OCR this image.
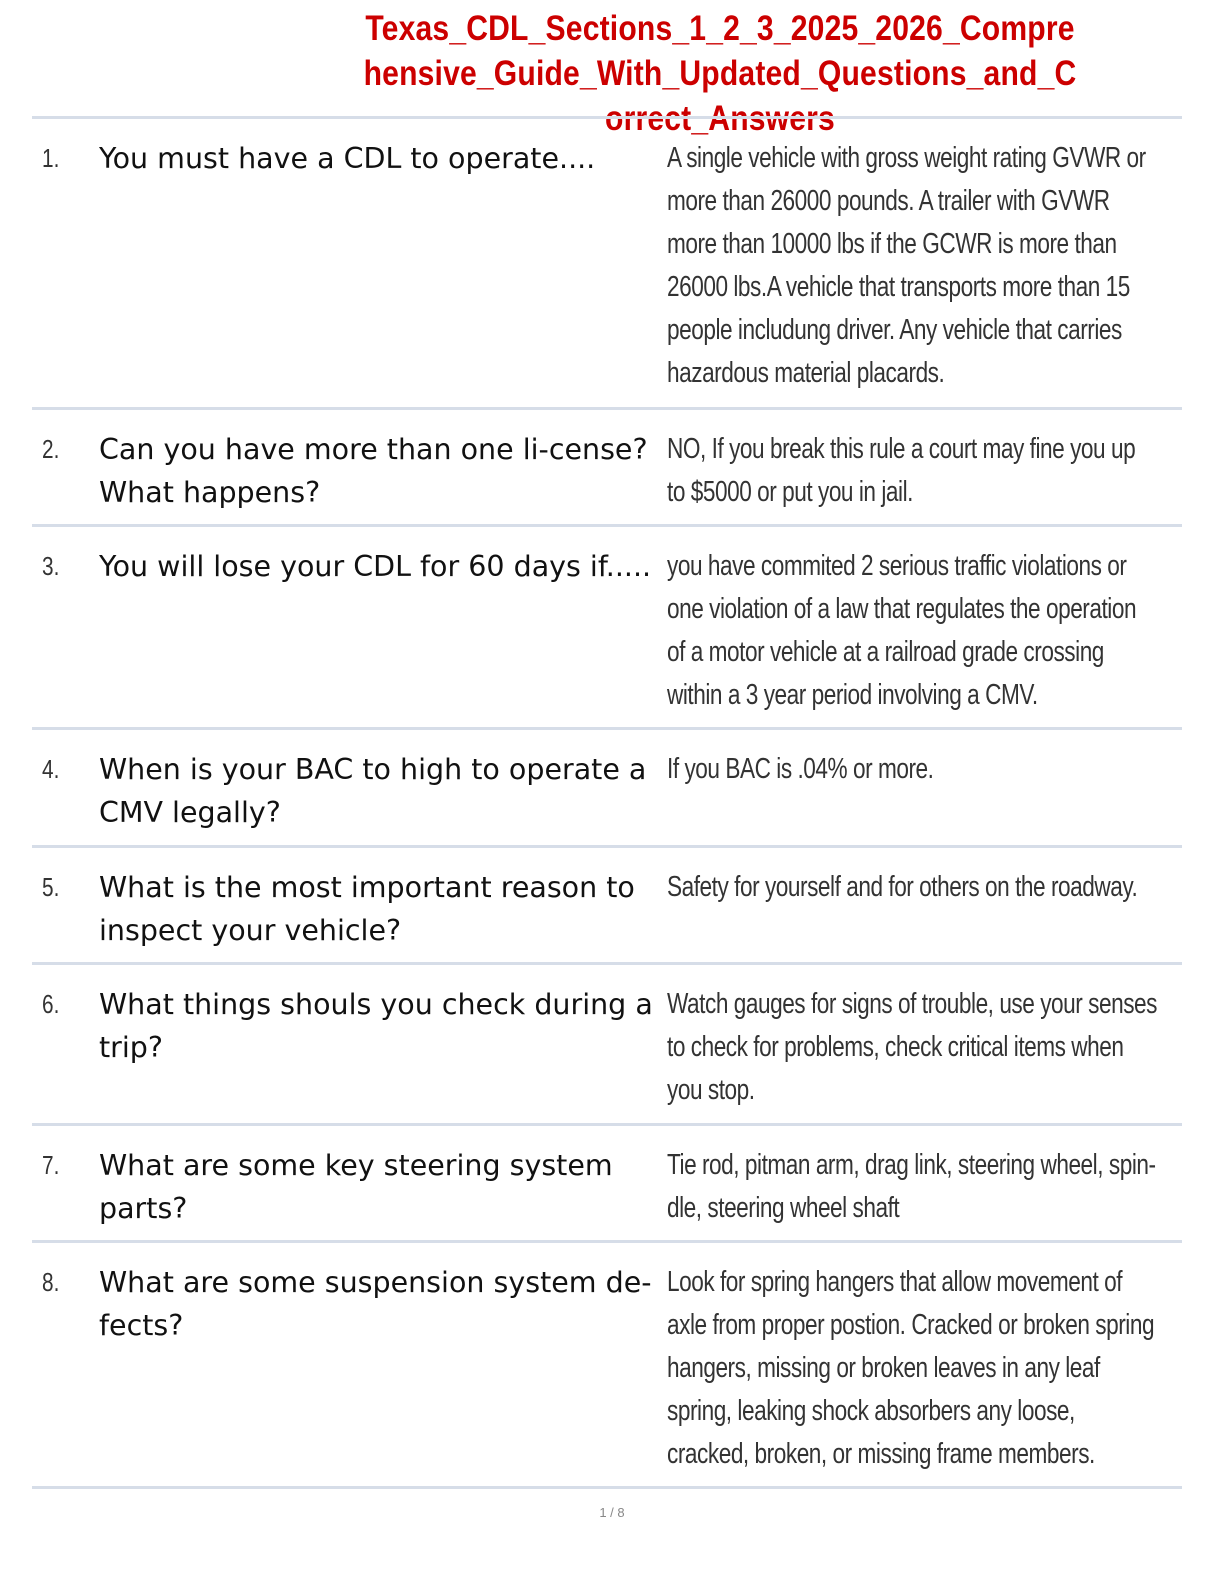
Texas_CDL_Sections_1_2_3_2025_2026_Comprehensive_Guide_With_Updated_Questions_and_Correct_Answers
1. You must have a CDL to operate....	A single vehicle with gross weight rating GVWR or more than 26000 pounds. A trailer with GVWR more than 10000 lbs if the GCWR is more than 26000 lbs.A vehicle that transports more than 15 people includung driver. Any vehicle that carries hazardous material placards.
2. Can you have more than one li-cense?What happens?
NO, If you break this rule a court may fine you up to $5000 or put you in jail.
3. You will lose your CDL for 60 days if..... you have commited 2 serious traffic violations or one violation of a law that regulates the operation of a motor vehicle at a railroad grade crossing within a 3 year period involving a CMV.
4. When is your BAC to high to operate a CMV legally?
If you BAC is .04% or more.
5. What is the most important reason to inspect your vehicle?
Safety for yourself and for others on the roadway.
6. What things shouls you check during a trip?
Watch gauges for signs of trouble, use your senses to check for problems, check critical items when you stop.
7. What are some key steering system parts?
Tie rod, pitman arm, drag link, steering wheel, spin-dle, steering wheel shaft
8. What are some suspension system de-fects?
Look for spring hangers that allow movement of axle from proper postion. Cracked or broken spring hangers, missing or broken leaves in any leaf spring, leaking shock absorbers any loose, cracked, broken, or missing frame members.
1 / 8
